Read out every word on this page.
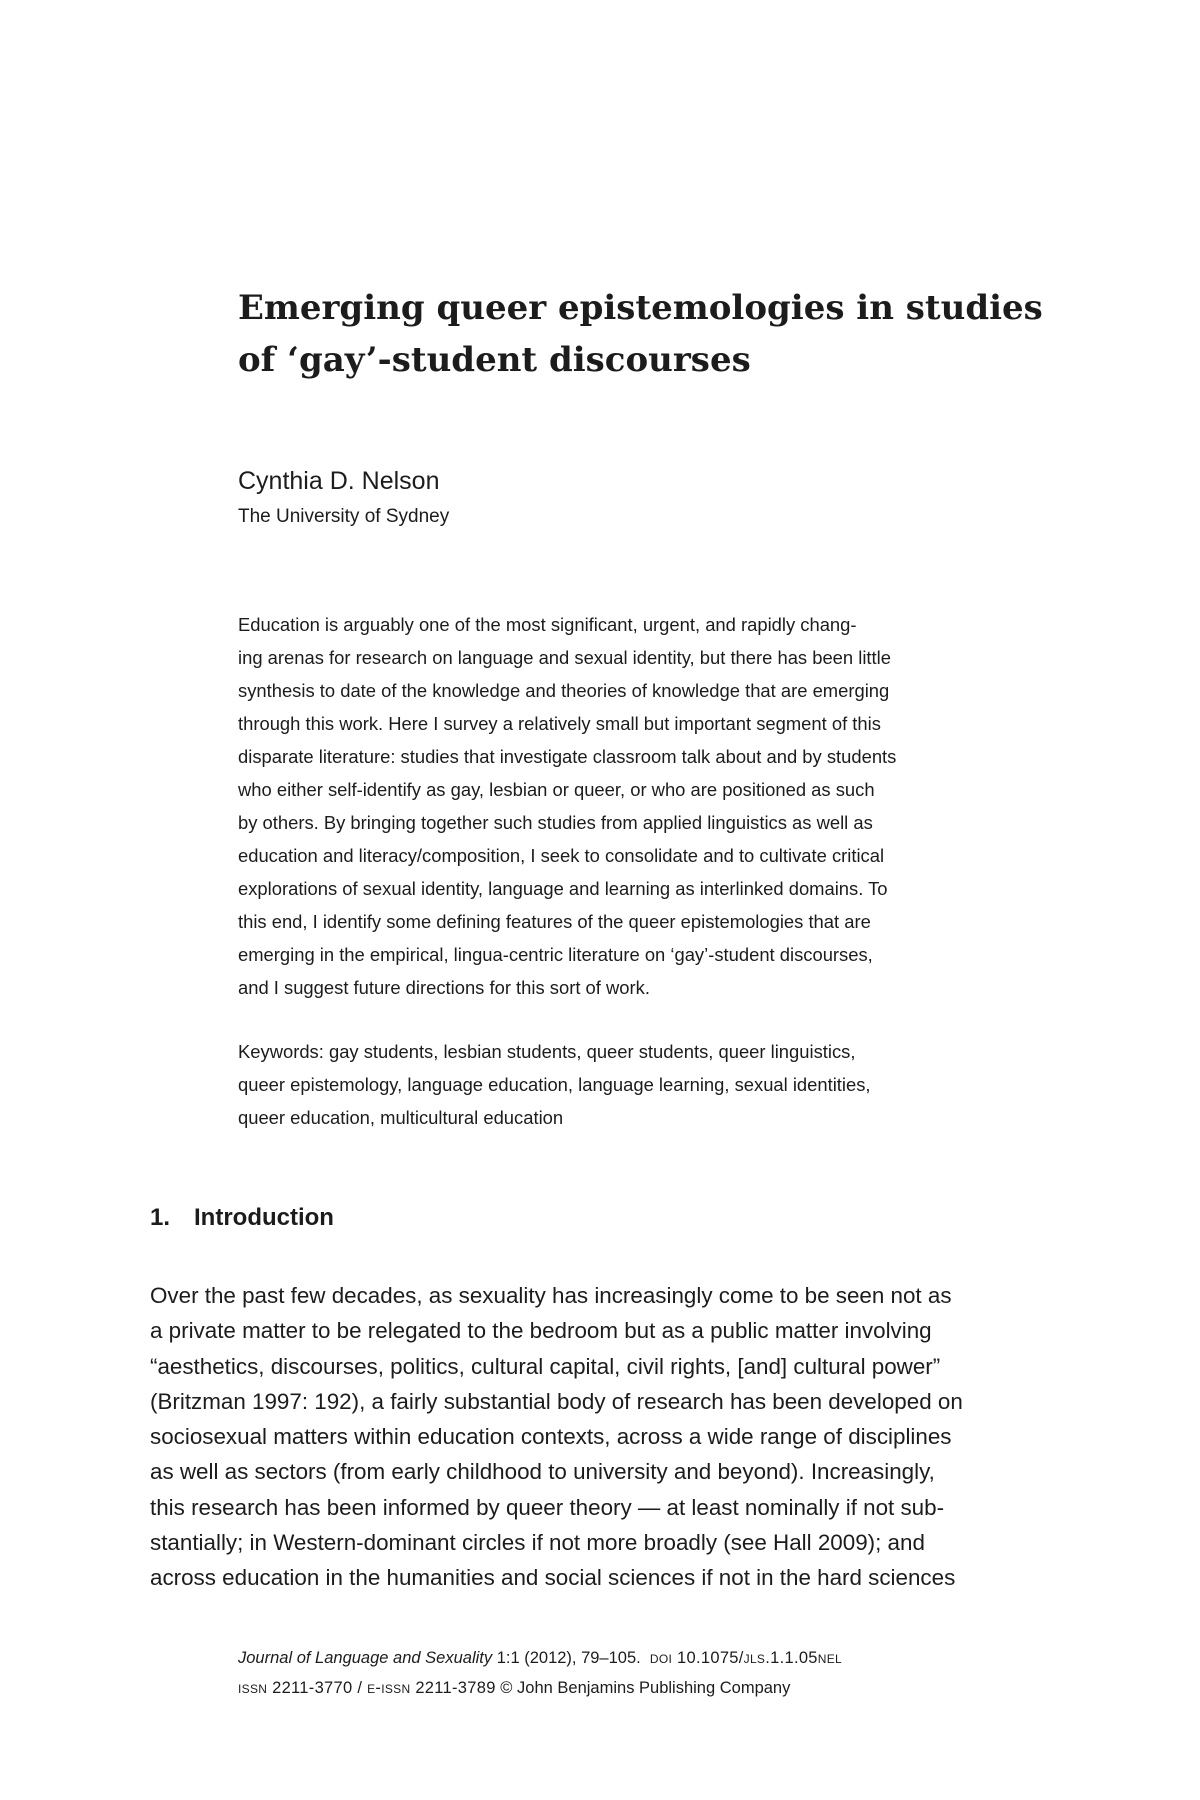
Emerging queer epistemologies in studies
of ‘gay’-student discourses
Cynthia D. Nelson
The University of Sydney
Education is arguably one of the most significant, urgent, and rapidly chang-
ing arenas for research on language and sexual identity, but there has been little
synthesis to date of the knowledge and theories of knowledge that are emerging
through this work. Here I survey a relatively small but important segment of this
disparate literature: studies that investigate classroom talk about and by students
who either self-identify as gay, lesbian or queer, or who are positioned as such
by others. By bringing together such studies from applied linguistics as well as
education and literacy/composition, I seek to consolidate and to cultivate critical
explorations of sexual identity, language and learning as interlinked domains. To
this end, I identify some defining features of the queer epistemologies that are
emerging in the empirical, lingua-centric literature on ‘gay’-student discourses,
and I suggest future directions for this sort of work.
Keywords: gay students, lesbian students, queer students, queer linguistics,
queer epistemology, language education, language learning, sexual identities,
queer education, multicultural education
1. Introduction
Over the past few decades, as sexuality has increasingly come to be seen not as
a private matter to be relegated to the bedroom but as a public matter involving
“aesthetics, discourses, politics, cultural capital, civil rights, [and] cultural power”
(Britzman 1997: 192), a fairly substantial body of research has been developed on
sociosexual matters within education contexts, across a wide range of disciplines
as well as sectors (from early childhood to university and beyond). Increasingly,
this research has been informed by queer theory — at least nominally if not sub-
stantially; in Western-dominant circles if not more broadly (see Hall 2009); and
across education in the humanities and social sciences if not in the hard sciences
Journal of Language and Sexuality 1:1 (2012), 79–105. doi 10.1075/jls.1.1.05nel
issn 2211-3770 / e-issn 2211-3789 © John Benjamins Publishing Company
